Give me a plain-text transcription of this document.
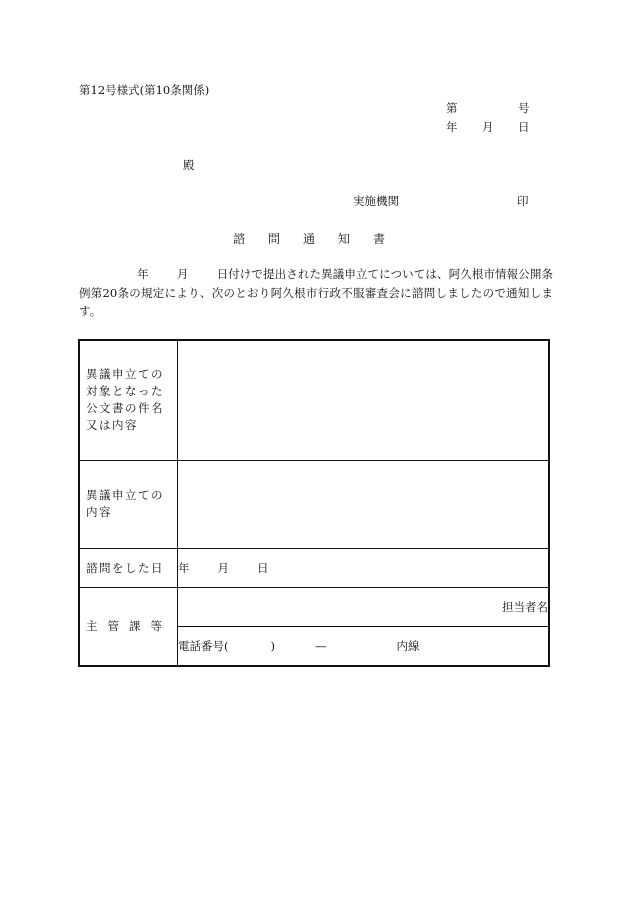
第12号様式(第10条関係)
第	号
年 月 日
殿
実施機関	印
諮問通知書
年 月 日付けで提出された異議申立てについては、阿久根市情報公開条例第20条の規定により、次のとおり阿久根市行政不服審査会に諮問しましたので通知します。
異議申立ての対象となった公文書の件名又は内容	
異議申立ての内容	
諮問をした日	年 月 日
主管課等	担当者名
	電話番号( ) — 内線
